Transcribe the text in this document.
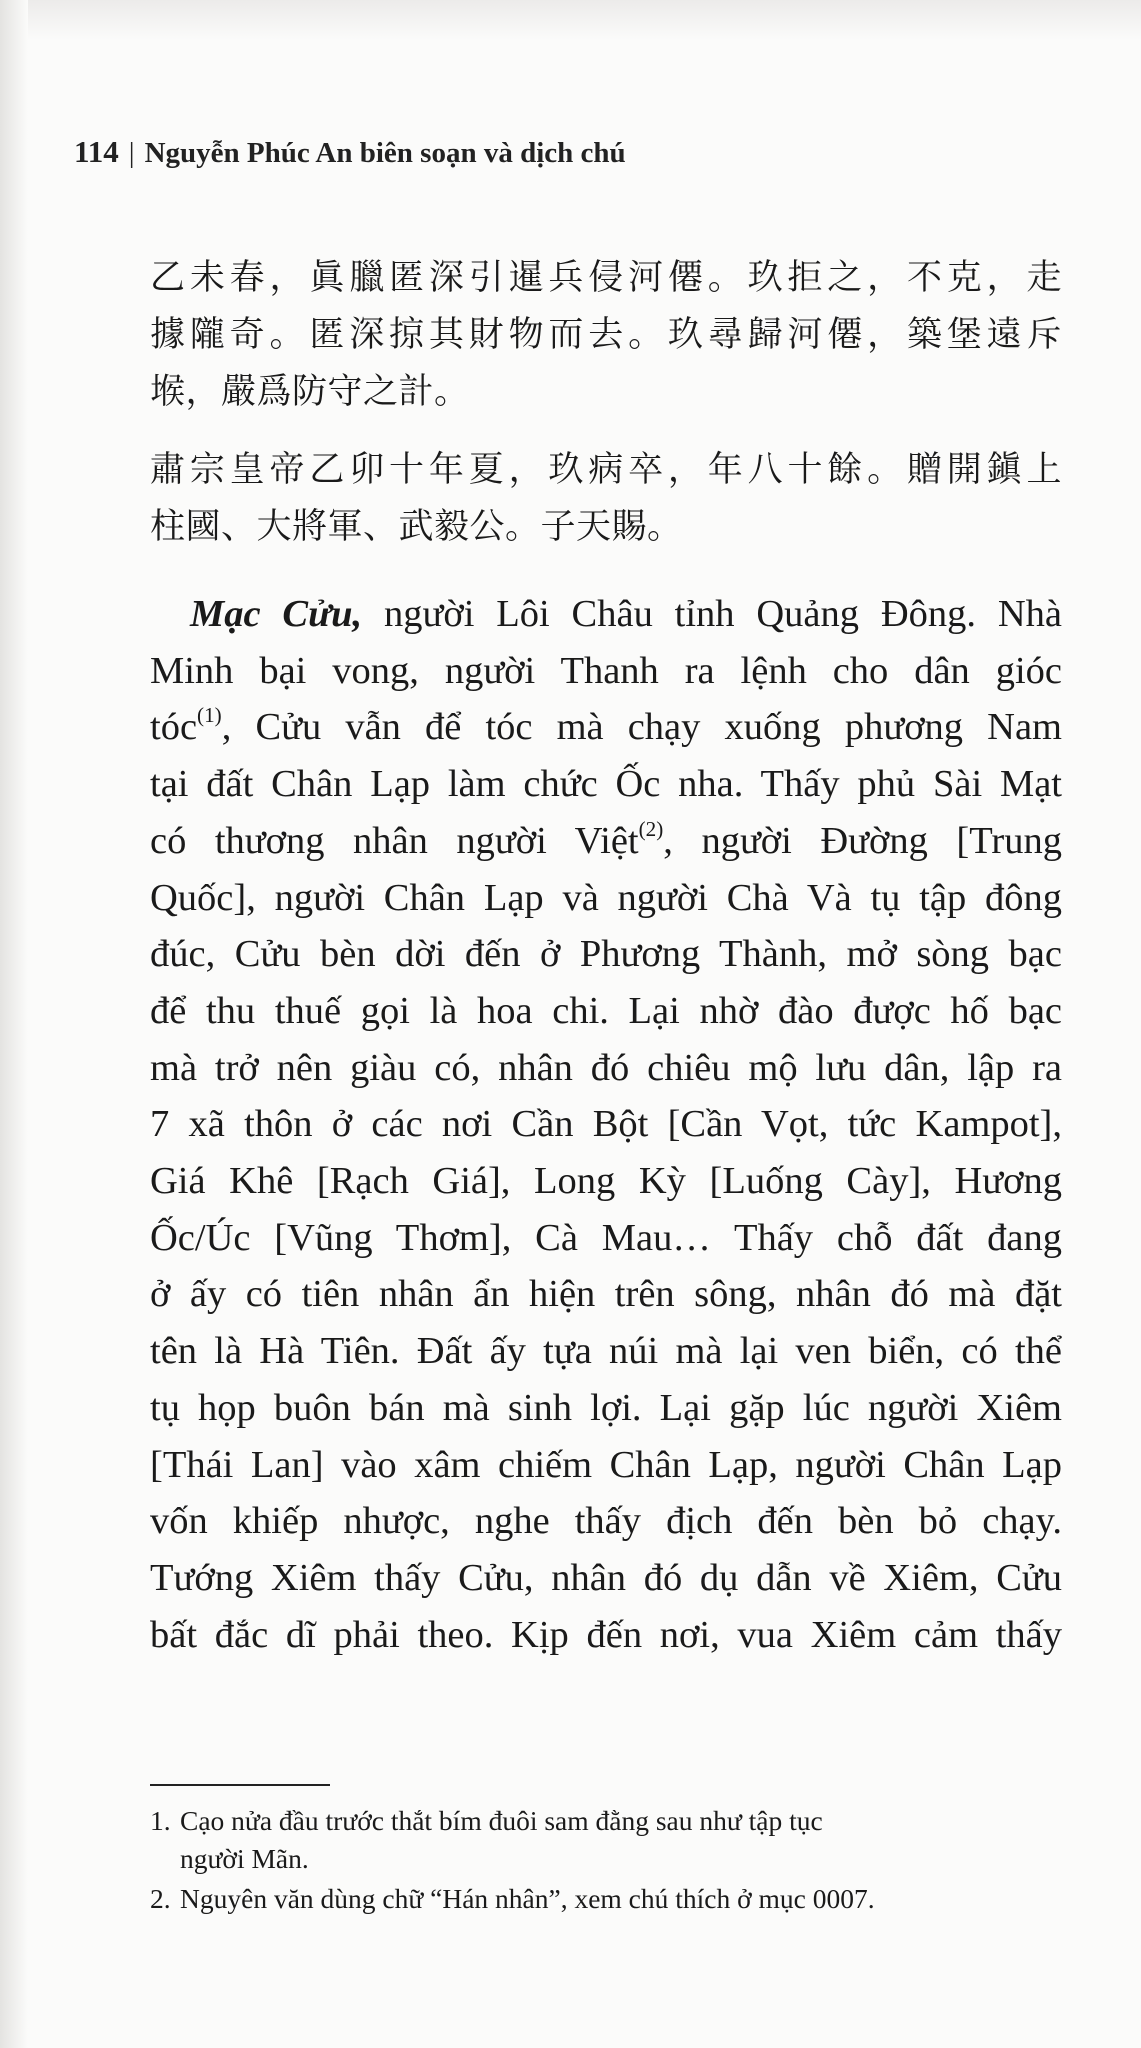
114 | Nguyễn Phúc An biên soạn và dịch chú
乙未春，眞臘匿深引暹兵侵河僊。玖拒之，不克，走
據隴奇。匿深掠其財物而去。玖尋歸河僊，築堡遠斥
堠，嚴爲防守之計。
肅宗皇帝乙卯十年夏，玖病卒，年八十餘。贈開鎭上
柱國、大將軍、武毅公。子天賜。
Mạc Cửu, người Lôi Châu tỉnh Quảng Đông. Nhà
Minh bại vong, người Thanh ra lệnh cho dân gióc
tóc$^{(1)}$, Cửu vẫn để tóc mà chạy xuống phương Nam
tại đất Chân Lạp làm chức Ốc nha. Thấy phủ Sài Mạt
có thương nhân người Việt$^{(2)}$, người Đường [Trung
Quốc], người Chân Lạp và người Chà Và tụ tập đông
đúc, Cửu bèn dời đến ở Phương Thành, mở sòng bạc
để thu thuế gọi là hoa chi. Lại nhờ đào được hố bạc
mà trở nên giàu có, nhân đó chiêu mộ lưu dân, lập ra
7 xã thôn ở các nơi Cần Bột [Cần Vọt, tức Kampot],
Giá Khê [Rạch Giá], Long Kỳ [Luống Cày], Hương
Ốc/Úc [Vũng Thơm], Cà Mau… Thấy chỗ đất đang
ở ấy có tiên nhân ẩn hiện trên sông, nhân đó mà đặt
tên là Hà Tiên. Đất ấy tựa núi mà lại ven biển, có thể
tụ họp buôn bán mà sinh lợi. Lại gặp lúc người Xiêm
[Thái Lan] vào xâm chiếm Chân Lạp, người Chân Lạp
vốn khiếp nhược, nghe thấy địch đến bèn bỏ chạy.
Tướng Xiêm thấy Cửu, nhân đó dụ dẫn về Xiêm, Cửu
bất đắc dĩ phải theo. Kịp đến nơi, vua Xiêm cảm thấy
1. Cạo nửa đầu trước thắt bím đuôi sam đằng sau như tập tục
người Mãn.
2. Nguyên văn dùng chữ “Hán nhân”, xem chú thích ở mục 0007.
